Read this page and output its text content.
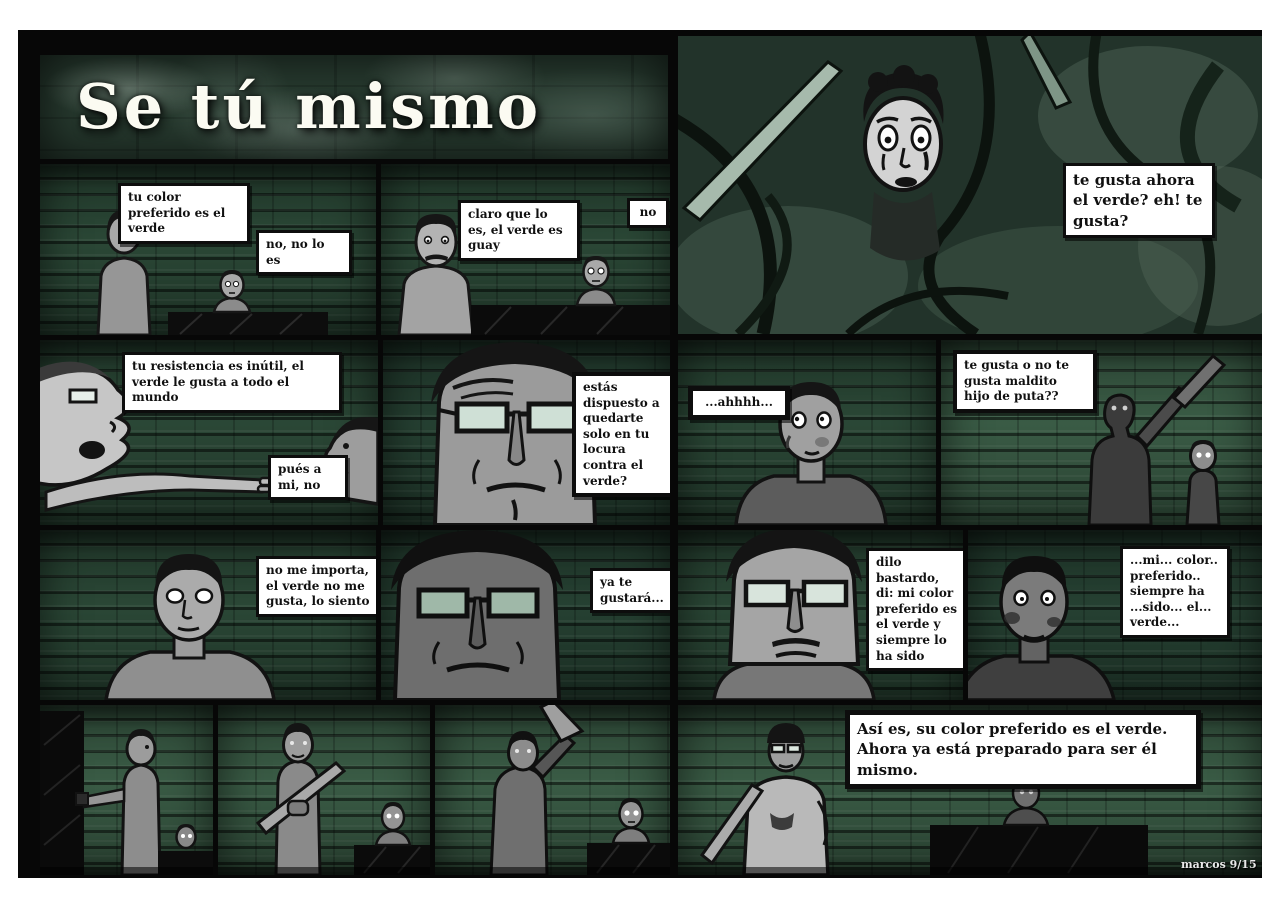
Se tú mismo
te gusta ahora el verde? eh! te gusta?
tu color preferido es el verde
no, no lo es
claro que lo es, el verde es guay
no
tu resistencia es inútil, el verde le gusta a todo el mundo
pués a mi, no
estás dispuesto a quedarte solo en tu locura contra el verde?
...ahhhh...
te gusta o no te gusta maldito hijo de puta??
no me importa, el verde no me gusta, lo siento
ya te gustará...
dilo bastardo, di: mi color preferido es el verde y siempre lo ha sido
...mi... color.. preferido.. siempre ha ...sido... el... verde...
Así es, su color preferido es el verde. Ahora ya está preparado para ser él mismo.
marcos 9/15
